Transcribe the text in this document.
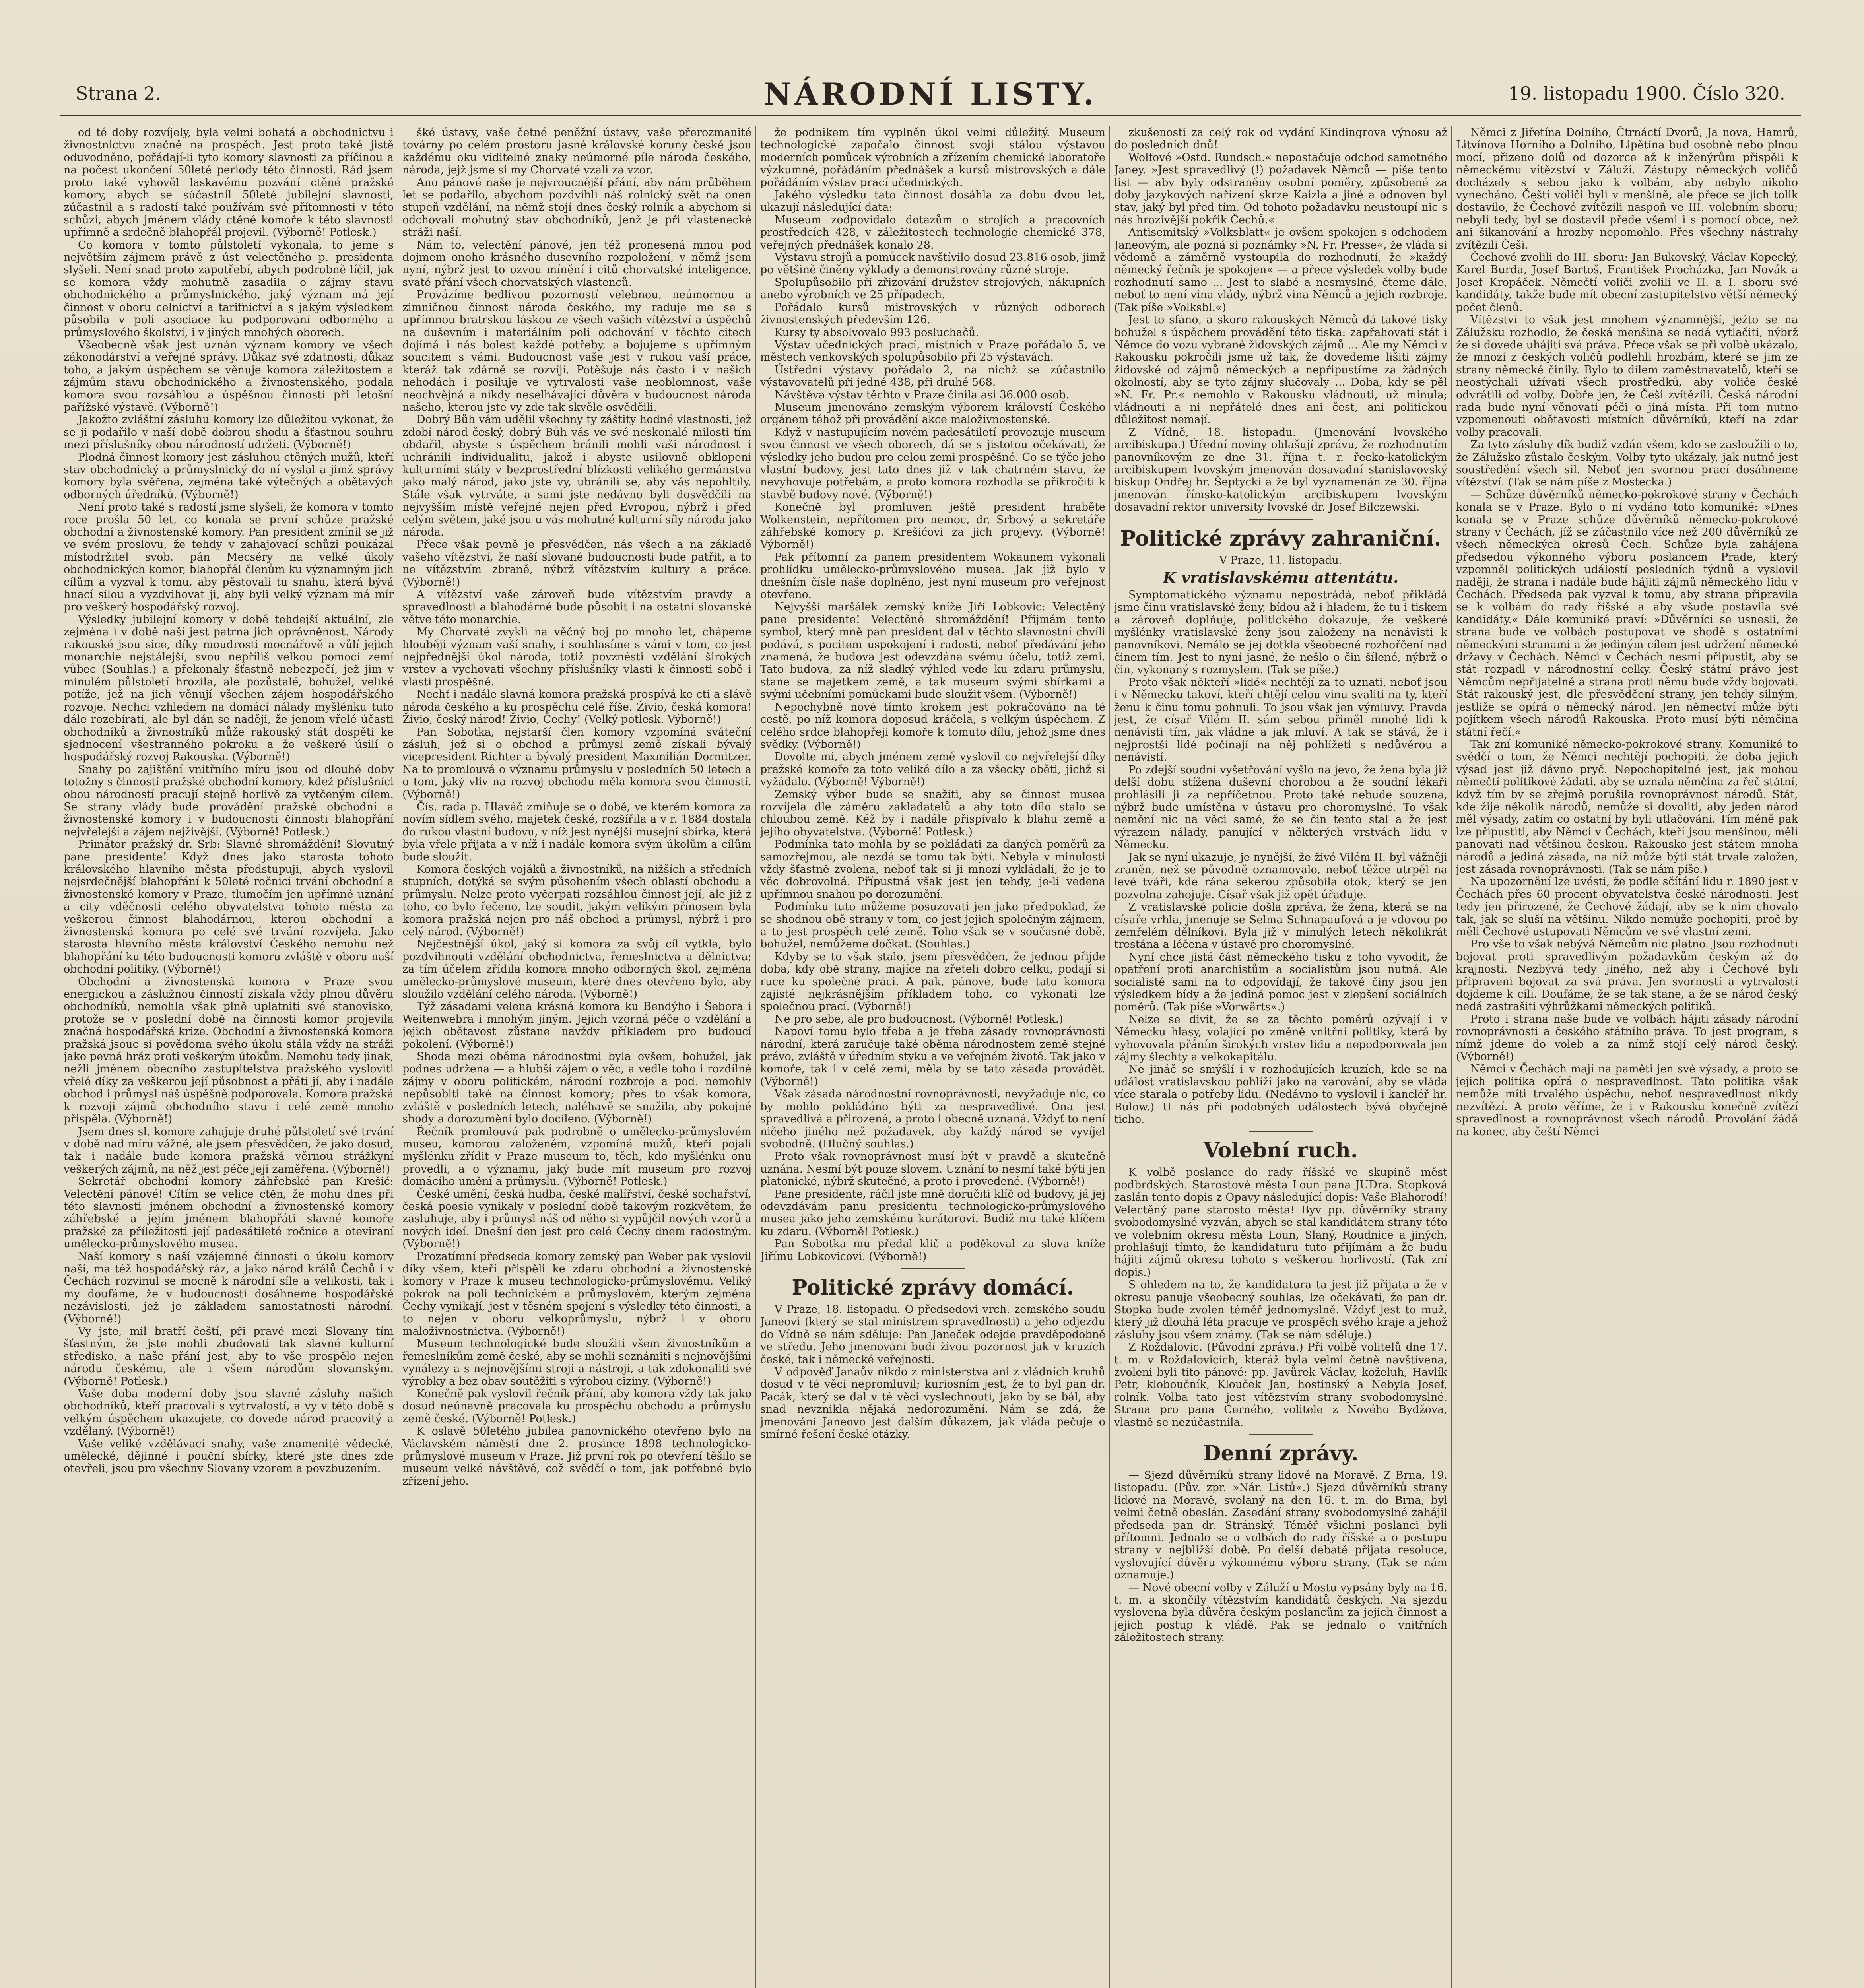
Strana 2.	NÁRODNÍ LISTY.	19. listopadu 1900. Číslo 320.

od té doby rozvíjely, byla velmi bohatá a obchodnictvu i živnostnictvu značně na prospěch. Jest proto také jistě oduvodněno, pořádají-li tyto komory slavnosti za příčinou a na počest ukončení 50leté periody této činnosti. Rád jsem proto také vyhověl laskavému pozvání ctěné pražské komory, abych se súčastnil 50leté jubilejní slavnosti, zúčastnil a s radostí také používám své přítomnosti v této schůzi, abych jménem vlády ctěné komoře k této slavnosti upřímně a srdečně blahopřál projevil. (Výborně! Potlesk.)

Co komora v tomto půlstoletí vykonala, to jeme s největším zájmem právě z úst velectěného p. presidenta slyšeli. Není snad proto zapotřebí, abych podrobně líčil, jak se komora vždy mohutně zasadila o zájmy stavu obchodnického a průmyslnického, jaký význam má její činnost v oboru celnictví a tarifnictví a s jakým výsledkem působila v poli asociace ku podporování odborného a průmyslového školství, i v jiných mnohých oborech.

Všeobecně však jest uznán význam komory ve všech zákonodárství a veřejné správy. Důkaz své zdatnosti, důkaz toho, a jakým úspěchem se věnuje komora záležitostem a zájmům stavu obchodnického a živnostenského, podala komora svou rozsáhlou a úspěšnou činností při letošní pařížské výstavě. (Výborně!)

Jakožto zvláštní zásluhu komory lze důležitou vykonat, že se ji podařilo v naší době dobrou shodu a šťastnou souhru mezi příslušníky obou národností udržeti. (Výborně!)

Plodná činnost komory jest zásluhou ctěných mužů, kteří stav obchodnický a průmyslnický do ní vyslal a jimž správy komory byla svěřena, zejména také výtečných a obětavých odborných úředníků. (Výborně!)

Není proto také s radostí jsme slyšeli, že komora v tomto roce prošla 50 let, co konala se první schůze pražské obchodní a živnostenské komory. Pan president zmínil se již ve svém proslovu, že tehdy v zahajovací schůzi poukázal místodržitel svob. pán Mecséry na velké úkoly obchodnických komor, blahopřál členům ku významným jich cílům a vyzval k tomu, aby pěstovali tu snahu, která bývá hnací silou a vyzdvihovat ji, aby byli velký význam má mír pro veškerý hospodářský rozvoj.

Výsledky jubilejní komory v době tehdejší aktuální, zle zejména i v době naší jest patrna jich oprávněnost. Národy rakouské jsou sice, díky moudrosti mocnářově a vůlí jejich monarchie nejstálejší, svou nepříliš velkou pomocí zemí vůbec (Souhlas.) a překonaly šťastně nebezpečí, jež jim v minulém půlstoletí hrozila, ale pozůstalé, bohužel, veliké potíže, jež na jich věnují všechen zájem hospodářského rozvoje. Nechci vzhledem na domácí nálady myšlénku tuto dále rozebírati, ale byl dán se naději, že jenom vřelé účasti obchodníků a živnostníků může rakouský stát dospěti ke sjednocení všestranného pokroku a že veškeré úsilí o hospodářský rozvoj Rakouska. (Výborně!)

Snahy po zajištění vnitřního míru jsou od dlouhé doby totožny s činností pražské obchodní komory, kdež příslušníci obou národností pracují stejně horlivě za vytčeným cílem. Se strany vlády bude provádění pražské obchodní a živnostenské komory i v budoucnosti činnosti blahopřání nejvřelejší a zájem nejživější. (Výborně! Potlesk.)

Primátor pražský dr. Srb: Slavné shromáždění! Slovutný pane presidente! Když dnes jako starosta tohoto královského hlavního města předstupuji, abych vyslovil nejsrdečnější blahopřání k 50leté ročnici trvání obchodní a živnostenské komory v Praze, tlumočím jen upřímné uznání a city vděčnosti celého obyvatelstva tohoto města za veškerou činnost blahodárnou, kterou obchodní a živnostenská komora po celé své trvání rozvíjela. Jako starosta hlavního města království Českého nemohu než blahopřání ku této budoucnosti komoru zvláště v oboru naší obchodní politiky. (Výborně!)

Obchodní a živnostenská komora v Praze svou energickou a záslužnou činností získala vždy plnou důvěru obchodníků, nemohla však plně uplatniti své stanovisko, protože se v poslední době na činnosti komor projevila značná hospodářská krize. Obchodní a živnostenská komora pražská jsouc si povědoma svého úkolu stála vždy na stráži jako pevná hráz proti veškerým útokům. Nemohu tedy jinak, nežli jménem obecního zastupitelstva pražského vysloviti vřelé díky za veškerou její působnost a přáti jí, aby i nadále obchod i průmysl náš úspěšně podporovala. Komora pražská k rozvoji zájmů obchodního stavu i celé země mnoho přispěla. (Výborně!)

Jsem dnes sl. komore zahajuje druhé půlstoletí své trvání v době nad míru vážné, ale jsem přesvědčen, že jako dosud, tak i nadále bude komora pražská věrnou strážkyní veškerých zájmů, na něž jest péče její zaměřena. (Výborně!)

Sekretář obchodní komory záhřebské pan Krešić: Velectění pánové! Cítím se velice ctěn, že mohu dnes při této slavnosti jménem obchodní a živnostenské komory záhřebské a jejím jménem blahopřáti slavné komoře pražské za příležitosti její padesátileté ročnice a oteviraní umělecko-průmyslového musea.

Naší komory s naší vzájemné činnosti o úkolu komory naší, ma též hospodářský ráz, a jako národ králů Čechů i v Čechách rozvinul se mocně k národní síle a velikosti, tak i my doufáme, že v budoucnosti dosáhneme hospodářské nezávislosti, jež je základem samostatnosti národní. (Výborně!)

Vy jste, mil bratří čeští, při pravé mezi Slovany tím šťastným, že jste mohli zbudovati tak slavné kulturní středisko, a naše přání jest, aby to vše prospělo nejen národu českému, ale i všem národům slovanským. (Výborně! Potlesk.)

Vaše doba moderní doby jsou slavné zásluhy našich obchodníků, kteří pracovali s vytrvalostí, a vy v této době s velkým úspěchem ukazujete, co dovede národ pracovitý a vzdělaný. (Výborně!)

Vaše veliké vzdělávací snahy, vaše znamenité vědecké, umělecké, dějinné i pouční sbírky, které jste dnes zde otevřeli, jsou pro všechny Slovany vzorem a povzbuzením.

šké ústavy, vaše četné peněžní ústavy, vaše přerozmanité továrny po celém prostoru jasné královské koruny české jsou každému oku viditelné znaky neúmorné píle národa českého, národa, jejž jsme si my Chorvaté vzali za vzor.

Ano pánové naše je nejvroucnější přání, aby nám průběhem let se podařilo, abychom pozdvihli náš rolnický svět na onen stupeň vzdělání, na němž stojí dnes český rolník a abychom si odchovali mohutný stav obchodníků, jenž je při vlastenecké stráži naší.

Nám to, velectění pánové, jen též pronesená mnou pod dojmem onoho krásného dusevního rozpoložení, v němž jsem nyní, nýbrž jest to ozvou mínění i citů chorvatské inteligence, svaté přání všech chorvatských vlastenců.

Provázíme bedlivou pozorností velebnou, neúmornou a zimničnou činnost národa českého, my raduje me se s upřímnou bratrskou láskou ze všech vašich vítězství a úspěchů na duševním i materiálním poli odchování v těchto citech dojímá i nás bolest každé potřeby, a bojujeme s upřímným soucitem s vámi. Budoucnost vaše jest v rukou vaší práce, kteráž tak zdárně se rozvíjí. Potěšuje nás často i v našich nehodách i posiluje ve vytrvalosti vaše neoblomnost, vaše neochvějná a nikdy neselhávající důvěra v budoucnost národa našeho, kterou jste vy zde tak skvěle osvědčili.

Dobrý Bůh vám udělil všechny ty záštity hodné vlastnosti, jež zdobí národ český, dobrý Bůh vás ve své neskonalé milosti tím obdařil, abyste s úspěchem bránili mohli vaši národnost i uchránili individualitu, jakož i abyste usilovně obklopeni kulturními státy v bezprostřední blízkosti velikého germánstva jako malý národ, jako jste vy, ubránili se, aby vás nepohltily. Stále však vytrváte, a sami jste nedávno byli dosvědčili na nejvyšším místě veřejné nejen před Evropou, nýbrž i před celým světem, jaké jsou u vás mohutné kulturní síly národa jako národa.

Přece však pevně je přesvědčen, nás všech a na základě vašeho vítězství, že naší slované budoucnosti bude patřit, a to ne vítězstvím zbraně, nýbrž vítězstvím kultury a práce. (Výborně!)

A vítězství vaše zároveň bude vítězstvím pravdy a spravedlnosti a blahodárné bude působit i na ostatní slovanské větve této monarchie.

My Chorvaté zvykli na věčný boj po mnoho let, chápeme hlouběji význam vaší snahy, i souhlasíme s vámi v tom, co jest nejpřednější úkol národa, totiž povznésti vzdělání širokých vrstev a vychovati všechny příslušníky vlasti k činnosti sobě i vlasti prospěšné.

Nechť i nadále slavná komora pražská prospívá ke cti a slávě národa českého a ku prospěchu celé říše. Živio, česká komora! Živio, český národ! Živio, Čechy! (Velký potlesk. Výborně!)

Pan Sobotka, nejstarší člen komory vzpomíná sváteční zásluh, jež si o obchod a průmysl země získali bývalý vicepresident Richter a bývalý president Maxmilián Dormitzer. Na to promlouvá o významu průmyslu v posledních 50 letech a o tom, jaký vliv na rozvoj obchodu měla komora svou činností. (Výborně!)

Čís. rada p. Hlaváč zmiňuje se o době, ve kterém komora za novím sídlem svého, majetek české, rozšířila a v r. 1884 dostala do rukou vlastní budovu, v níž jest nynější musejní sbírka, která byla vřele přijata a v níž i nadále komora svým úkolům a cílům bude sloužit.

Komora českých vojáků a živnostníků, na nižších a středních stupních, dotýká se svým působením všech oblastí obchodu a průmyslu. Nelze proto vyčerpati rozsáhlou činnost její, ale již z toho, co bylo řečeno, lze soudit, jakým velikým přínosem byla komora pražská nejen pro náš obchod a průmysl, nýbrž i pro celý národ. (Výborně!)

Nejčestnější úkol, jaký si komora za svůj cíl vytkla, bylo pozdvihnouti vzdělání obchodnictva, řemeslnictva a dělnictva; za tím účelem zřídila komora mnoho odborných škol, zejména umělecko-průmyslové museum, které dnes otevřeno bylo, aby sloužilo vzdělání celého národa. (Výborně!)

Týž zásadami velena krásná komora ku Bendýho i Šebora i Weitenwebra i mnohým jiným. Jejich vzorná péče o vzdělání a jejich obětavost zůstane navždy příkladem pro budoucí pokolení. (Výborně!)

Shoda mezi oběma národnostmi byla ovšem, bohužel, jak podnes udržena — a hlubší zájem o věc, a vedle toho i rozdílné zájmy v oboru politickém, národní rozbroje a pod. nemohly nepůsobiti také na činnost komory; přes to však komora, zvláště v posledních letech, naléhavě se snažila, aby pokojné shody a dorozumění bylo docíleno. (Výborně!)

Řečník promlouvá pak podrobně o umělecko-průmyslovém museu, komorou založeném, vzpomíná mužů, kteří pojali myšlénku zřídit v Praze museum to, těch, kdo myšlénku onu provedli, a o významu, jaký bude mít museum pro rozvoj domácího umění a průmyslu. (Výborně! Potlesk.)

České umění, česká hudba, české malířství, české sochařství, česká poesie vynikaly v poslední době takovým rozkvětem, že zasluhuje, aby i průmysl náš od něho si vypůjčil nových vzorů a nových ideí. Dnešní den jest pro celé Čechy dnem radostným. (Výborně!)

Prozatímní předseda komory zemský pan Weber pak vyslovil díky všem, kteří přispěli ke zdaru obchodní a živnostenské komory v Praze k museu technologicko-průmyslovému. Veliký pokrok na poli technickém a průmyslovém, kterým zejména Čechy vynikají, jest v těsném spojení s výsledky této činnosti, a to nejen v oboru velkoprůmyslu, nýbrž i v oboru maloživnostnictva. (Výborně!)

Museum technologické bude sloužiti všem živnostníkům a řemeslníkům země české, aby se mohli seznámiti s nejnovějšími vynálezy a s nejnovějšími stroji a nástroji, a tak zdokonaliti své výrobky a bez obav soutěžiti s výrobou ciziny. (Výborně!)

Konečně pak vyslovil řečník přání, aby komora vždy tak jako dosud neúnavně pracovala ku prospěchu obchodu a průmyslu země české. (Výborně! Potlesk.)

K oslavě 50letého jubilea panovnického otevřeno bylo na Václavském náměstí dne 2. prosince 1898 technologicko-průmyslové museum v Praze. Již první rok po otevření těšilo se museum velké návštěvě, což svědčí o tom, jak potřebné bylo zřízení jeho.

že podnikem tím vyplněn úkol velmi důležitý. Museum technologické započalo činnost svoji stálou výstavou moderních pomůcek výrobních a zřízením chemické laboratoře výzkumné, pořádáním přednášek a kursů mistrovských a dále pořádáním výstav prací učednických.

Jakého výsledku tato činnost dosáhla za dobu dvou let, ukazují následující data:

Museum zodpovídalo dotazům o strojích a pracovních prostředcích 428, v záležitostech technologie chemické 378, veřejných přednášek konalo 28.

Výstavu strojů a pomůcek navštívilo dosud 23.816 osob, jimž po většině činěny výklady a demonstrovány různé stroje.

Spolupůsobilo při zřizování družstev strojových, nákupních anebo výrobních ve 25 případech.

Pořádalo kursů mistrovských v různých odborech živnostenských především 126.

Kursy ty absolvovalo 993 posluchačů.

Výstav učednických prací, místních v Praze pořádalo 5, ve městech venkovských spolupůsobilo při 25 výstavách.

Ústřední výstavy pořádalo 2, na nichž se zúčastnilo výstavovatelů při jedné 438, při druhé 568.

Návštěva výstav těchto v Praze činila asi 36.000 osob.

Museum jmenováno zemským výborem královstí Českého orgánem téhož při provádění akce maloživnostenské.

Když v nastupujícím novém padesátiletí provozuje museum svou činnost ve všech oborech, dá se s jistotou očekávati, že výsledky jeho budou pro celou zemi prospěšné. Co se týče jeho vlastní budovy, jest tato dnes již v tak chatrném stavu, že nevyhovuje potřebám, a proto komora rozhodla se přikročiti k stavbě budovy nové. (Výborně!)

Konečně byl promluven ještě president hraběte Wolkenstein, nepřítomen pro nemoc, dr. Srbový a sekretáře záhřebské komory p. Krešićovi za jich projevy. (Výborně! Výborně!)

Pak přítomní za panem presidentem Wokaunem vykonali prohlídku umělecko-průmyslového musea. Jak již bylo v dnešním čísle naše doplněno, jest nyní museum pro veřejnost otevřeno.

Nejvyšší maršálek zemský kníže Jiří Lobkovic: Velectěný pane presidente! Velectěné shromáždění! Přijmám tento symbol, který mně pan president dal v těchto slavnostní chvíli podává, s pocitem uspokojení i radosti, neboť předávání jeho znamená, že budova jest odevzdána svému účelu, totiž zemi. Tato budova, za níž sladký výhled vede ku zdaru průmyslu, stane se majetkem země, a tak museum svými sbírkami a svými učebními pomůckami bude sloužit všem. (Výborně!)

Nepochybně nové tímto krokem jest pokračováno na té cestě, po níž komora doposud kráčela, s velkým úspěchem. Z celého srdce blahopřeji komoře k tomuto dílu, jehož jsme dnes svědky. (Výborně!)

Dovolte mi, abych jménem země vyslovil co nejvřelejší díky pražské komoře za toto veliké dílo a za všecky oběti, jichž si vyžádalo. (Výborně! Výborně!)

Zemský výbor bude se snažiti, aby se činnost musea rozvíjela dle záměru zakladatelů a aby toto dílo stalo se chloubou země. Kéž by i nadále přispívalo k blahu země a jejího obyvatelstva. (Výborně! Potlesk.)

Podmínka tato mohla by se pokládati za daných poměrů za samozřejmou, ale nezdá se tomu tak býti. Nebyla v minulosti vždy šťastně zvolena, neboť tak si ji mnozí vykládali, že je to věc dobrovolná. Přípustná však jest jen tehdy, je-li vedena upřímnou snahou po dorozumění.

Podmínku tuto můžeme posuzovati jen jako předpoklad, že se shodnou obě strany v tom, co jest jejich společným zájmem, a to jest prospěch celé země. Toho však se v současné době, bohužel, nemůžeme dočkat. (Souhlas.)

Kdyby se to však stalo, jsem přesvědčen, že jednou přijde doba, kdy obě strany, majíce na zřeteli dobro celku, podají si ruce ku společné práci. A pak, pánové, bude tato komora zajisté nejkrásnějším příkladem toho, co vykonati lze společnou prací. (Výborně!)

Ne pro sebe, ale pro budoucnost. (Výborně! Potlesk.)

Napoví tomu bylo třeba a je třeba zásady rovnoprávnosti národní, která zaručuje také oběma národnostem země stejné právo, zvláště v úředním styku a ve veřejném životě. Tak jako v komoře, tak i v celé zemi, měla by se tato zásada provádět. (Výborně!)

Však zásada národnostní rovnoprávnosti, nevyžaduje nic, co by mohlo pokládáno býti za nespravedlivé. Ona jest spravedlivá a přirozená, a proto i obecně uznaná. Vždyť to není ničeho jiného než požadavek, aby každý národ se vyvíjel svobodně. (Hlučný souhlas.)

Proto však rovnoprávnost musí být v pravdě a skutečně uznána. Nesmí být pouze slovem. Uznání to nesmí také býti jen platonické, nýbrž skutečné, a proto i provedené. (Výborně!)

Pane presidente, ráčil jste mně doručiti klíč od budovy, já jej odevzdávám panu presidentu technologicko-průmyslového musea jako jeho zemskému kurátorovi. Budiž mu také klíčem ku zdaru. (Výborně! Potlesk.)

Pan Sobotka mu předal klíč a poděkoval za slova kníže Jiřímu Lobkovicovi. (Výborně!)

Politické zprávy domácí.

V Praze, 18. listopadu. O předsedovi vrch. zemského soudu Janeovi (který se stal ministrem spravedlnosti) a jeho odjezdu do Vídně se nám sděluje: Pan Janeček odejde pravděpodobně ve středu. Jeho jmenování budí živou pozornost jak v kruzích české, tak i německé veřejnosti.

V odpověď Janaův nikdo z ministerstva ani z vládních kruhů dosud v té věci nepromluvil; kuriosním jest, že to byl pan dr. Pacák, který se dal v té věci vyslechnouti, jako by se bál, aby snad nevznikla nějaká nedorozumění. Nám se zdá, že jmenování Janeovo jest dalším důkazem, jak vláda pečuje o smírné řešení české otázky.

zkušenosti za celý rok od vydání Kindingrova výnosu až do posledních dnů!

Wolfové »Ostd. Rundsch.« nepostačuje odchod samotného Janey. »Jest spravedlivý (!) požadavek Němců — píše tento list — aby byly odstraněny osobní poměry, způsobené za doby jazykových nařízení skrze Kaizla a jiné a odnoven byl stav, jaký byl před tím. Od tohoto požadavku neustoupí nic s nás hrozivější pokřik Čechů.«

Antisemitský »Volksblatt« je ovšem spokojen s odchodem Janeovým, ale pozná si poznámky »N. Fr. Presse«, že vláda si vědomě a záměrně vystoupila do rozhodnutí, že »každý německý řečník je spokojen« — a přece výsledek volby bude rozhodnutí samo ... Jest to slabé a nesmyslné, čteme dále, neboť to není vina vlády, nýbrž vina Němců a jejich rozbroje. (Tak píše »Volksbl.«)

Jest to sfáno, a skoro rakouských Němců dá takové tisky bohužel s úspěchem provádění této tiska: zapřahovati stát i Němce do vozu vybrané židovských zájmů ... Ale my Němci v Rakousku pokročili jsme už tak, že dovedeme lišiti zájmy židovské od zájmů německých a nepřipustíme za žádných okolností, aby se tyto zájmy slučovaly ... Doba, kdy se pěl »N. Fr. Pr.« nemohlo v Rakousku vládnouti, už minula; vládnouti a ni nepřátelé dnes ani čest, ani politickou důležitost nemají.

Z Vídně, 18. listopadu. (Jmenování lvovského arcibiskupa.) Úřední noviny ohlašují zprávu, že rozhodnutím panovníkovým ze dne 31. října t. r. řecko-katolickým arcibiskupem lvovským jmenován dosavadní stanislavovský biskup Ondřej hr. Šeptycki a že byl vyznamenán ze 30. října jmenován římsko-katolickým arcibiskupem lvovským dosavadní rektor university lvovské dr. Josef Bilczewski.

Politické zprávy zahraniční.

V Praze, 11. listopadu.

K vratislavskému attentátu.

Symptomatického významu nepostrádá, neboť přikládá jsme činu vratislavské ženy, bídou až i hladem, že tu i tiskem a zároveň doplňuje, politického dokazuje, že veškeré myšlénky vratislavské ženy jsou založeny na nenávisti k panovníkovi. Nemálo se jej dotkla všeobecné rozhořčení nad činem tím. Jest to nyní jasné, že nešlo o čin šílené, nýbrž o čin, vykonaný s rozmyslem. (Tak se píše.)

Proto však někteří »lidé« nechtějí za to uznati, neboť jsou i v Německu takoví, kteří chtějí celou vinu svaliti na ty, kteří ženu k činu tomu pohnuli. To jsou však jen výmluvy. Pravda jest, že císař Vilém II. sám sebou přiměl mnohé lidi k nenávisti tím, jak vládne a jak mluví. A tak se stává, že i nejprostší lidé počínají na něj pohlížeti s nedůvěrou a nenávistí.

Po zdejší soudní vyšetřování vyšlo na jevo, že žena byla již delší dobu stížena duševní chorobou a že soudní lékaři prohlásili ji za nepříčetnou. Proto také nebude souzena, nýbrž bude umístěna v ústavu pro choromyslné. To však nemění nic na věci samé, že se čin tento stal a že jest výrazem nálady, panující v některých vrstvách lidu v Německu.

Jak se nyní ukazuje, je nynější, že živé Vilém II. byl vážněji zraněn, než se původně oznamovalo, neboť těžce utrpěl na levé tváři, kde rána sekerou způsobila otok, který se jen pozvolna zahojuje. Císař však již opět úřaduje.

Z vratislavské policie došla zpráva, že žena, která se na císaře vrhla, jmenuje se Selma Schnapaufová a je vdovou po zemřelém dělníkovi. Byla již v minulých letech několikrát trestána a léčena v ústavě pro choromyslné.

Nyní chce jistá část německého tisku z toho vyvodit, že opatření proti anarchistům a socialistům jsou nutná. Ale socialisté sami na to odpovídají, že takové činy jsou jen výsledkem bídy a že jediná pomoc jest v zlepšení sociálních poměrů. (Tak píše »Vorwärts«.)

Nelze se divit, že se za těchto poměrů ozývají i v Německu hlasy, volající po změně vnitřní politiky, která by vyhovovala přáním širokých vrstev lidu a nepodporovala jen zájmy šlechty a velkokapitálu.

Ne jináč se smýšlí i v rozhodujících kruzích, kde se na událost vratislavskou pohlíží jako na varování, aby se vláda více starala o potřeby lidu. (Nedávno to vyslovil i kancléř hr. Bülow.) U nás při podobných událostech bývá obyčejně ticho.

Volební ruch.

K volbě poslance do rady říšské ve skupině měst podbrdských. Starostové města Loun pana JUDra. Stopková zaslán tento dopis z Opavy následující dopis: Vaše Blahorodí! Velectěný pane starosto města! Byv pp. důvěrníky strany svobodomyslné vyzván, abych se stal kandidátem strany této ve volebním okresu města Loun, Slaný, Roudnice a jiných, prohlašuji tímto, že kandidaturu tuto přijímám a že budu hájiti zájmů okresu tohoto s veškerou horlivostí. (Tak zní dopis.)

S ohledem na to, že kandidatura ta jest již přijata a že v okresu panuje všeobecný souhlas, lze očekávati, že pan dr. Stopka bude zvolen téměř jednomyslně. Vždyť jest to muž, který již dlouhá léta pracuje ve prospěch svého kraje a jehož zásluhy jsou všem známy. (Tak se nám sděluje.)

Z Roždalovic. (Původní zpráva.) Při volbě volitelů dne 17. t. m. v Roždalovicích, kteráž byla velmi četně navštívena, zvoleni byli tito pánové: pp. Javůrek Václav, koželuh, Havlík Petr, kloboučník, Klouček Jan, hostinský a Nebyla Josef, rolník. Volba tato jest vítězstvím strany svobodomyslné. Strana pro pana Černého, volitele z Nového Bydžova, vlastně se nezúčastnila.

Denní zprávy.

— Sjezd důvěrníků strany lidové na Moravě. Z Brna, 19. listopadu. (Pův. zpr. »Nár. Listů«.) Sjezd důvěrníků strany lidové na Moravě, svolaný na den 16. t. m. do Brna, byl velmi četně obeslán. Zasedání strany svobodomyslné zahájil předseda pan dr. Stránský. Téměř všichni poslanci byli přítomni. Jednalo se o volbách do rady říšské a o postupu strany v nejbližší době. Po delší debatě přijata resoluce, vyslovující důvěru výkonnému výboru strany. (Tak se nám oznamuje.)

— Nové obecní volby v Záluží u Mostu vypsány byly na 16. t. m. a skončily vítězstvím kandidátů českých. Na sjezdu vyslovena byla důvěra českým poslancům za jejich činnost a jejich postup k vládě. Pak se jednalo o vnitřních záležitostech strany.

Němci z Jiřetína Dolního, Čtrnáctí Dvorů, Ja nova, Hamrů, Litvínova Horního a Dolního, Lipětína bud osobně nebo plnou mocí, přizeno dolů od dozorce až k inženýrům přispěli k německému vítězství v Záluží. Zástupy německých voličů docházely s sebou jako k volbám, aby nebylo nikoho vynecháno. Čeští voliči byli v menšině, ale přece se jich tolik dostavilo, že Čechové zvítězili naspoň ve III. volebním sboru; nebyli tedy, byl se dostavil přede všemi i s pomocí obce, než ani šikanování a hrozby nepomohlo. Přes všechny nástrahy zvítězili Češi.

Čechové zvolili do III. sboru: Jan Bukovský, Václav Kopecký, Karel Burda, Josef Bartoš, František Procházka, Jan Novák a Josef Kropáček. Němečtí voliči zvolili ve II. a I. sboru své kandidáty, takže bude mít obecní zastupitelstvo větší německý počet členů.

Vítězství to však jest mnohem významnější, ježto se na Zálužsku rozhodlo, že česká menšina se nedá vytlačiti, nýbrž že si dovede uhájiti svá práva. Přece však se při volbě ukázalo, že mnozí z českých voličů podlehli hrozbám, které se jim ze strany německé činily. Bylo to dílem zaměstnavatelů, kteří se neostýchali užívati všech prostředků, aby voliče české odvrátili od volby. Dobře jen, že Češi zvítězili. Česká národní rada bude nyní věnovati péči o jiná místa. Při tom nutno vzpomenouti obětavosti místních důvěrníků, kteří na zdar volby pracovali.

Za tyto zásluhy dík budiž vzdán všem, kdo se zasloužili o to, že Zálužsko zůstalo českým. Volby tyto ukázaly, jak nutné jest soustředění všech sil. Neboť jen svornou prací dosáhneme vítězství. (Tak se nám píše z Mostecka.)

— Schůze důvěrníků německo-pokrokové strany v Čechách konala se v Praze. Bylo o ní vydáno toto komuniké: »Dnes konala se v Praze schůze důvěrníků německo-pokrokové strany v Čechách, jíž se zúčastnilo více než 200 důvěrníků ze všech německých okresů Čech. Schůze byla zahájena předsedou výkonného výboru poslancem Prade, který vzpomněl politických událostí posledních týdnů a vyslovil naději, že strana i nadále bude hájiti zájmů německého lidu v Čechách. Předseda pak vyzval k tomu, aby strana připravila se k volbám do rady říšské a aby všude postavila své kandidáty.« Dále komuniké praví: »Důvěrníci se usnesli, že strana bude ve volbách postupovat ve shodě s ostatními německými stranami a že jediným cílem jest udržení německé državy v Čechách. Němci v Čechách nesmí připustit, aby se stát rozpadl v národnostní celky. Český státní právo jest Němcům nepřijatelné a strana proti němu bude vždy bojovati. Stát rakouský jest, dle přesvědčení strany, jen tehdy silným, jestliže se opírá o německý národ. Jen němectví může býti pojítkem všech národů Rakouska. Proto musí býti němčina státní řečí.«

Tak zní komuniké německo-pokrokové strany. Komuniké to svědčí o tom, že Němci nechtějí pochopiti, že doba jejich výsad jest již dávno pryč. Nepochopitelné jest, jak mohou němečtí politikové žádati, aby se uznala němčina za řeč státní, když tím by se zřejmě porušila rovnoprávnost národů. Stát, kde žije několik národů, nemůže si dovoliti, aby jeden národ měl výsady, zatím co ostatní by byli utlačováni. Tím méně pak lze připustiti, aby Němci v Čechách, kteří jsou menšinou, měli panovati nad většinou českou. Rakousko jest státem mnoha národů a jediná zásada, na níž může býti stát trvale založen, jest zásada rovnoprávnosti. (Tak se nám píše.)

Na upozornění lze uvésti, že podle sčítání lidu r. 1890 jest v Čechách přes 60 procent obyvatelstva české národnosti. Jest tedy jen přirozené, že Čechové žádají, aby se k nim chovalo tak, jak se sluší na většinu. Nikdo nemůže pochopiti, proč by měli Čechové ustupovati Němcům ve své vlastní zemi.

Pro vše to však nebývá Němcům nic platno. Jsou rozhodnuti bojovat proti spravedlivým požadavkům českým až do krajnosti. Nezbývá tedy jiného, než aby i Čechové byli připraveni bojovat za svá práva. Jen svorností a vytrvalostí dojdeme k cíli. Doufáme, že se tak stane, a že se národ český nedá zastrašiti výhrůžkami německých politiků.

Proto i strana naše bude ve volbách hájiti zásady národní rovnoprávnosti a českého státního práva. To jest program, s nímž jdeme do voleb a za nímž stojí celý národ český. (Výborně!)

Němci v Čechách mají na paměti jen své výsady, a proto se jejich politika opírá o nespravedlnost. Tato politika však nemůže míti trvalého úspěchu, neboť nespravedlnost nikdy nezvítězí. A proto věříme, že i v Rakousku konečně zvítězí spravedlnost a rovnoprávnost všech národů. Provolání žádá na konec, aby čeští Němci
